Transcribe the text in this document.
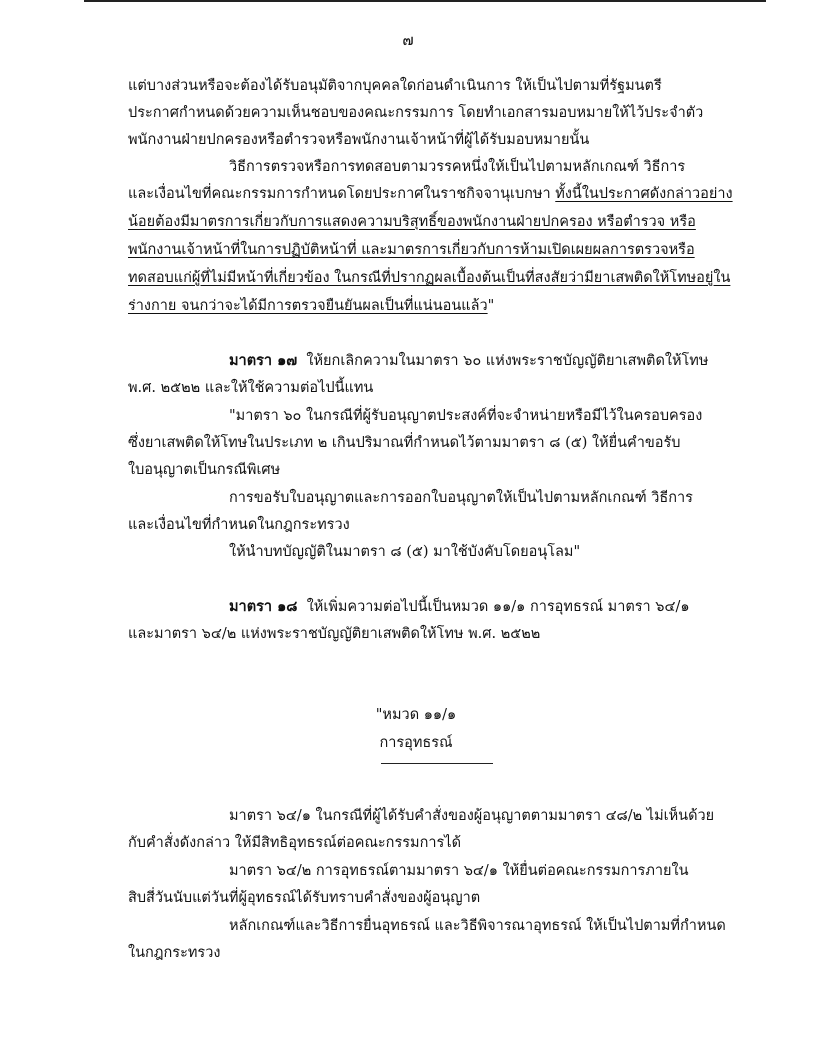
๗
แต่บางส่วนหรือจะต้องได้รับอนุมัติจากบุคคลใดก่อนดำเนินการ ให้เป็นไปตามที่รัฐมนตรี
ประกาศกำหนดด้วยความเห็นชอบของคณะกรรมการ โดยทำเอกสารมอบหมายให้ไว้ประจำตัว
พนักงานฝ่ายปกครองหรือตำรวจหรือพนักงานเจ้าหน้าที่ผู้ได้รับมอบหมายนั้น
วิธีการตรวจหรือการทดสอบตามวรรคหนึ่งให้เป็นไปตามหลักเกณฑ์ วิธีการ
และเงื่อนไขที่คณะกรรมการกำหนดโดยประกาศในราชกิจจานุเบกษา ทั้งนี้ในประกาศดังกล่าวอย่าง
น้อยต้องมีมาตรการเกี่ยวกับการแสดงความบริสุทธิ์ของพนักงานฝ่ายปกครอง หรือตำรวจ หรือ
พนักงานเจ้าหน้าที่ในการปฏิบัติหน้าที่ และมาตรการเกี่ยวกับการห้ามเปิดเผยผลการตรวจหรือ
ทดสอบแก่ผู้ที่ไม่มีหน้าที่เกี่ยวข้อง ในกรณีที่ปรากฏผลเบื้องต้นเป็นที่สงสัยว่ามียาเสพติดให้โทษอยู่ใน
ร่างกาย จนกว่าจะได้มีการตรวจยืนยันผลเป็นที่แน่นอนแล้ว"
มาตรา ๑๗ ให้ยกเลิกความในมาตรา ๖๐ แห่งพระราชบัญญัติยาเสพติดให้โทษ
พ.ศ. ๒๕๒๒ และให้ใช้ความต่อไปนี้แทน
"มาตรา ๖๐ ในกรณีที่ผู้รับอนุญาตประสงค์ที่จะจำหน่ายหรือมีไว้ในครอบครอง
ซึ่งยาเสพติดให้โทษในประเภท ๒ เกินปริมาณที่กำหนดไว้ตามมาตรา ๘ (๕) ให้ยื่นคำขอรับ
ใบอนุญาตเป็นกรณีพิเศษ
การขอรับใบอนุญาตและการออกใบอนุญาตให้เป็นไปตามหลักเกณฑ์ วิธีการ
และเงื่อนไขที่กำหนดในกฎกระทรวง
ให้นำบทบัญญัติในมาตรา ๘ (๕) มาใช้บังคับโดยอนุโลม"
มาตรา ๑๘ ให้เพิ่มความต่อไปนี้เป็นหมวด ๑๑/๑ การอุทธรณ์ มาตรา ๖๔/๑
และมาตรา ๖๔/๒ แห่งพระราชบัญญัติยาเสพติดให้โทษ พ.ศ. ๒๕๒๒
"หมวด ๑๑/๑
การอุทธรณ์
มาตรา ๖๔/๑ ในกรณีที่ผู้ได้รับคำสั่งของผู้อนุญาตตามมาตรา ๔๘/๒ ไม่เห็นด้วย
กับคำสั่งดังกล่าว ให้มีสิทธิอุทธรณ์ต่อคณะกรรมการได้
มาตรา ๖๔/๒ การอุทธรณ์ตามมาตรา ๖๔/๑ ให้ยื่นต่อคณะกรรมการภายใน
สิบสี่วันนับแต่วันที่ผู้อุทธรณ์ได้รับทราบคำสั่งของผู้อนุญาต
หลักเกณฑ์และวิธีการยื่นอุทธรณ์ และวิธีพิจารณาอุทธรณ์ ให้เป็นไปตามที่กำหนด
ในกฎกระทรวง
